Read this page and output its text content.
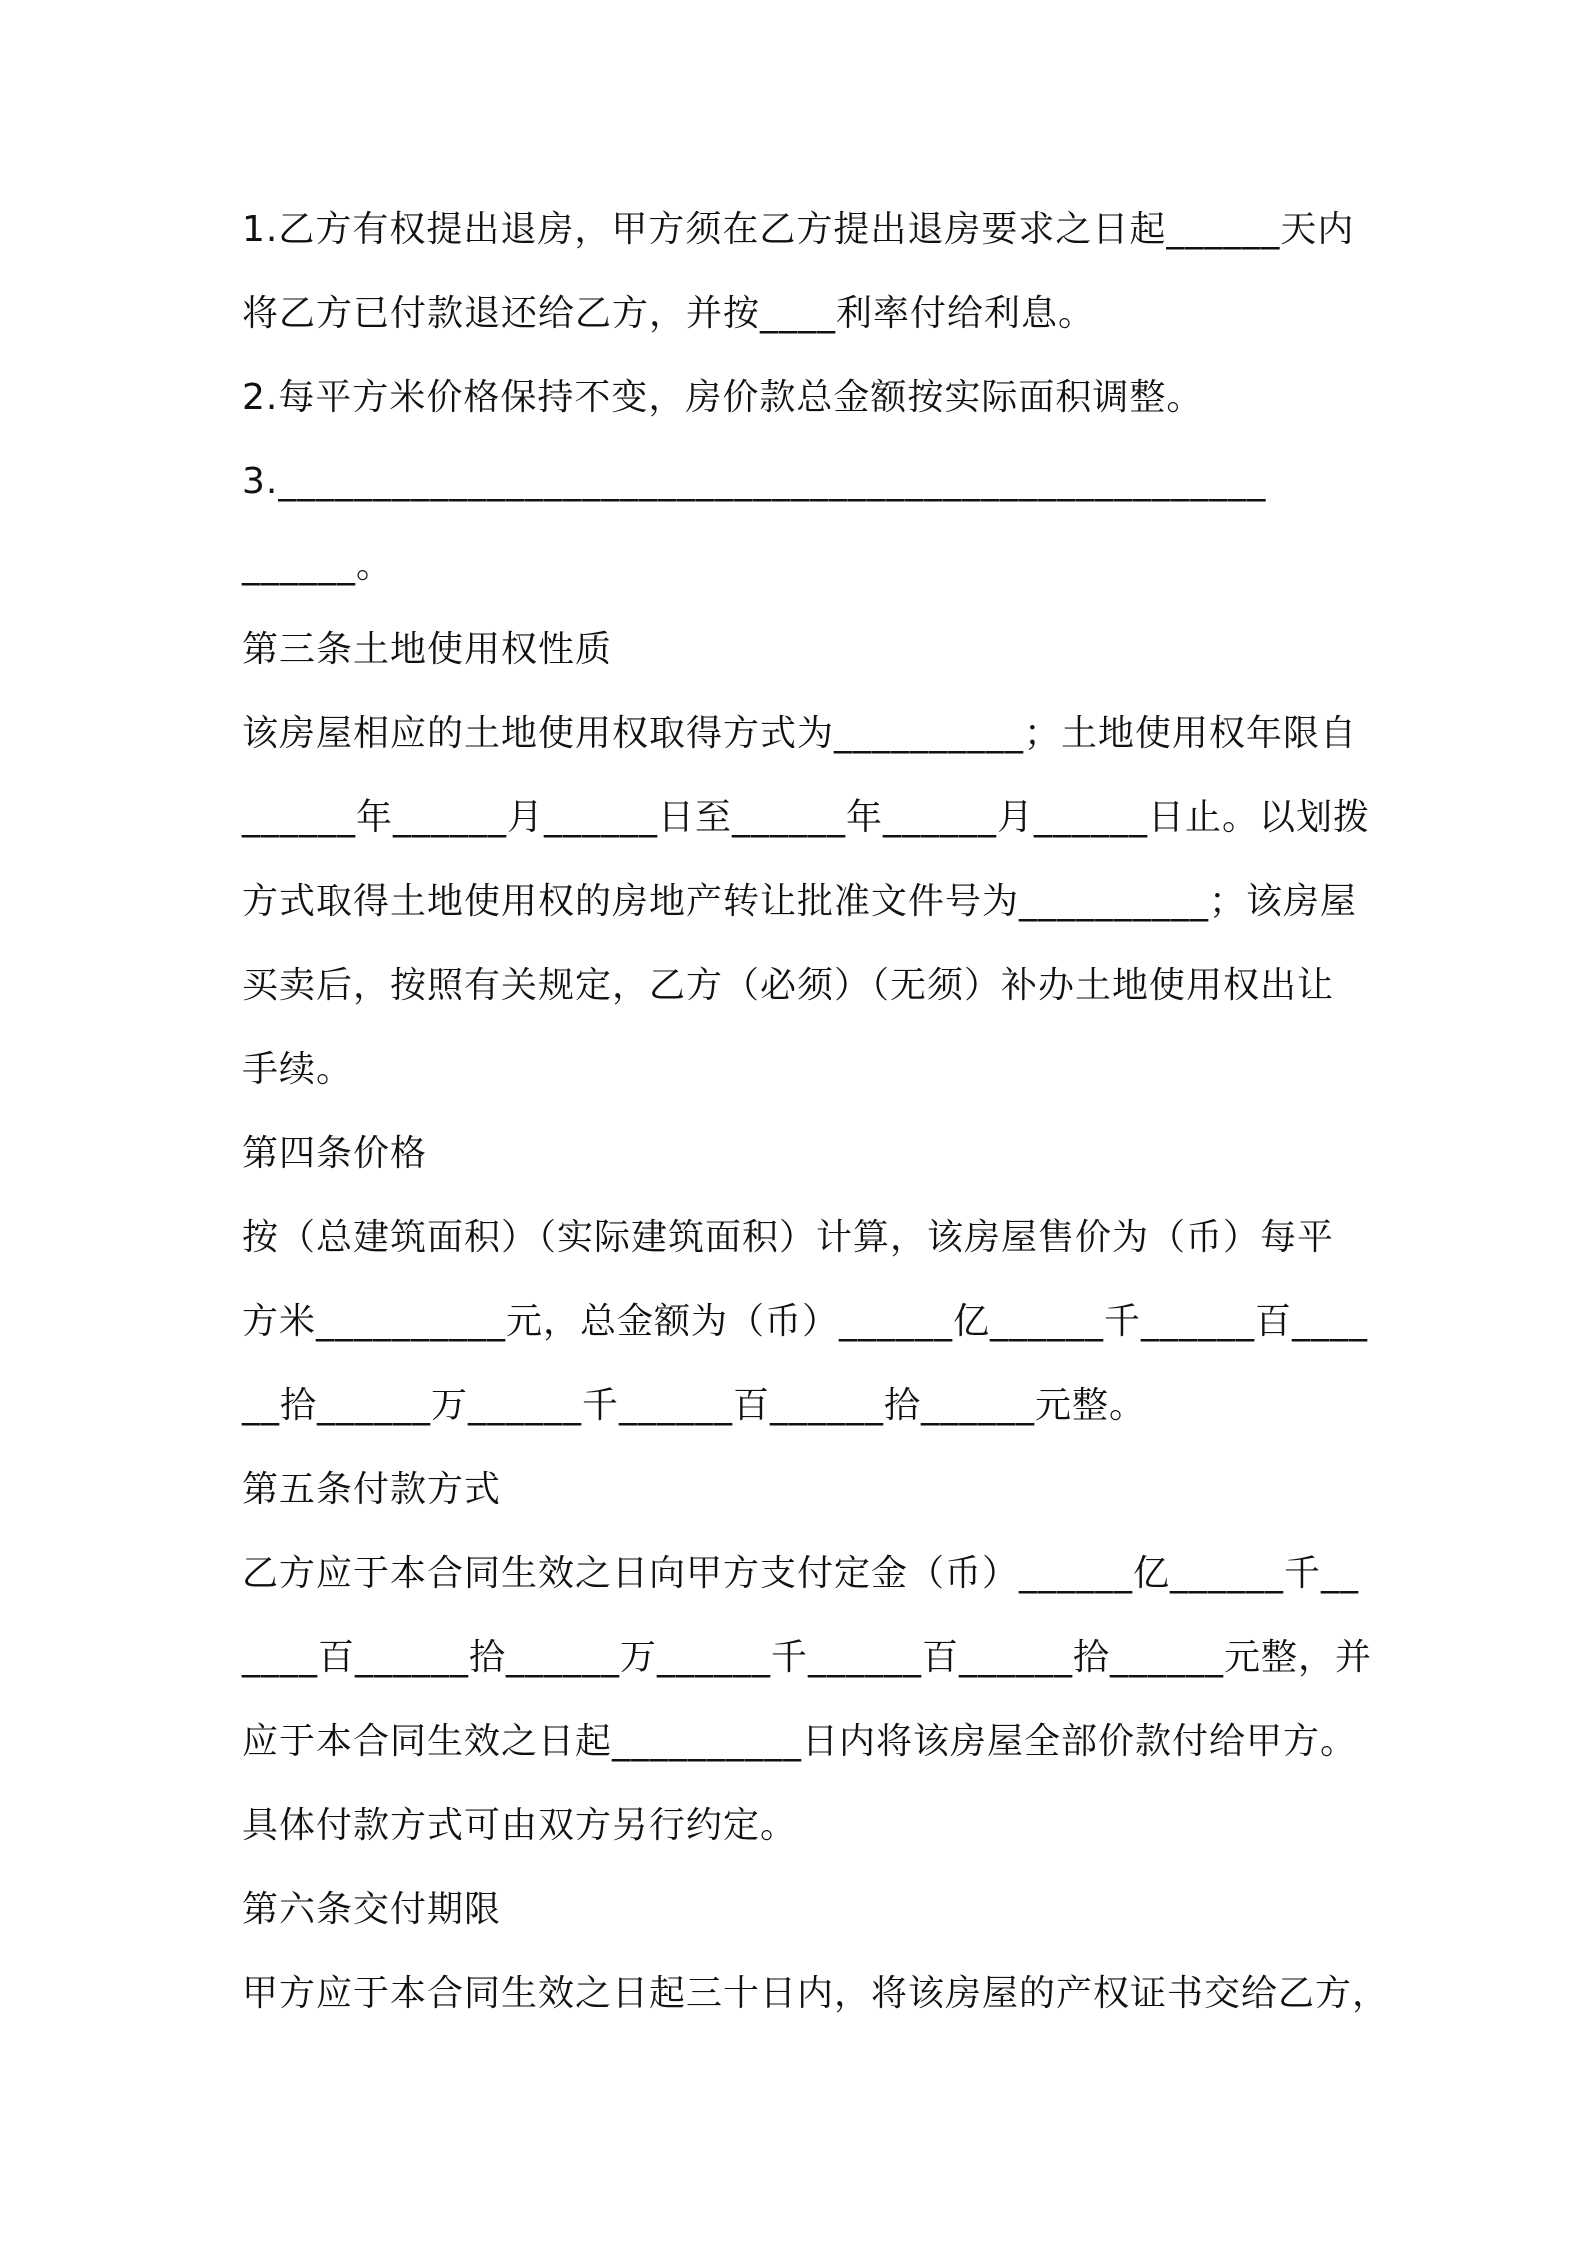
1.乙方有权提出退房，甲方须在乙方提出退房要求之日起______天内
将乙方已付款退还给乙方，并按____利率付给利息。
2.每平方米价格保持不变，房价款总金额按实际面积调整。
3.____________________________________________________
______。
第三条土地使用权性质
该房屋相应的土地使用权取得方式为__________；土地使用权年限自
______年______月______日至______年______月______日止。以划拨
方式取得土地使用权的房地产转让批准文件号为__________；该房屋
买卖后，按照有关规定，乙方（必须）（无须）补办土地使用权出让
手续。
第四条价格
按（总建筑面积）（实际建筑面积）计算，该房屋售价为（币）每平
方米__________元，总金额为（币）______亿______千______百____
__拾______万______千______百______拾______元整。
第五条付款方式
乙方应于本合同生效之日向甲方支付定金（币）______亿______千__
____百______拾______万______千______百______拾______元整，并
应于本合同生效之日起__________日内将该房屋全部价款付给甲方。
具体付款方式可由双方另行约定。
第六条交付期限
甲方应于本合同生效之日起三十日内，将该房屋的产权证书交给乙方，
